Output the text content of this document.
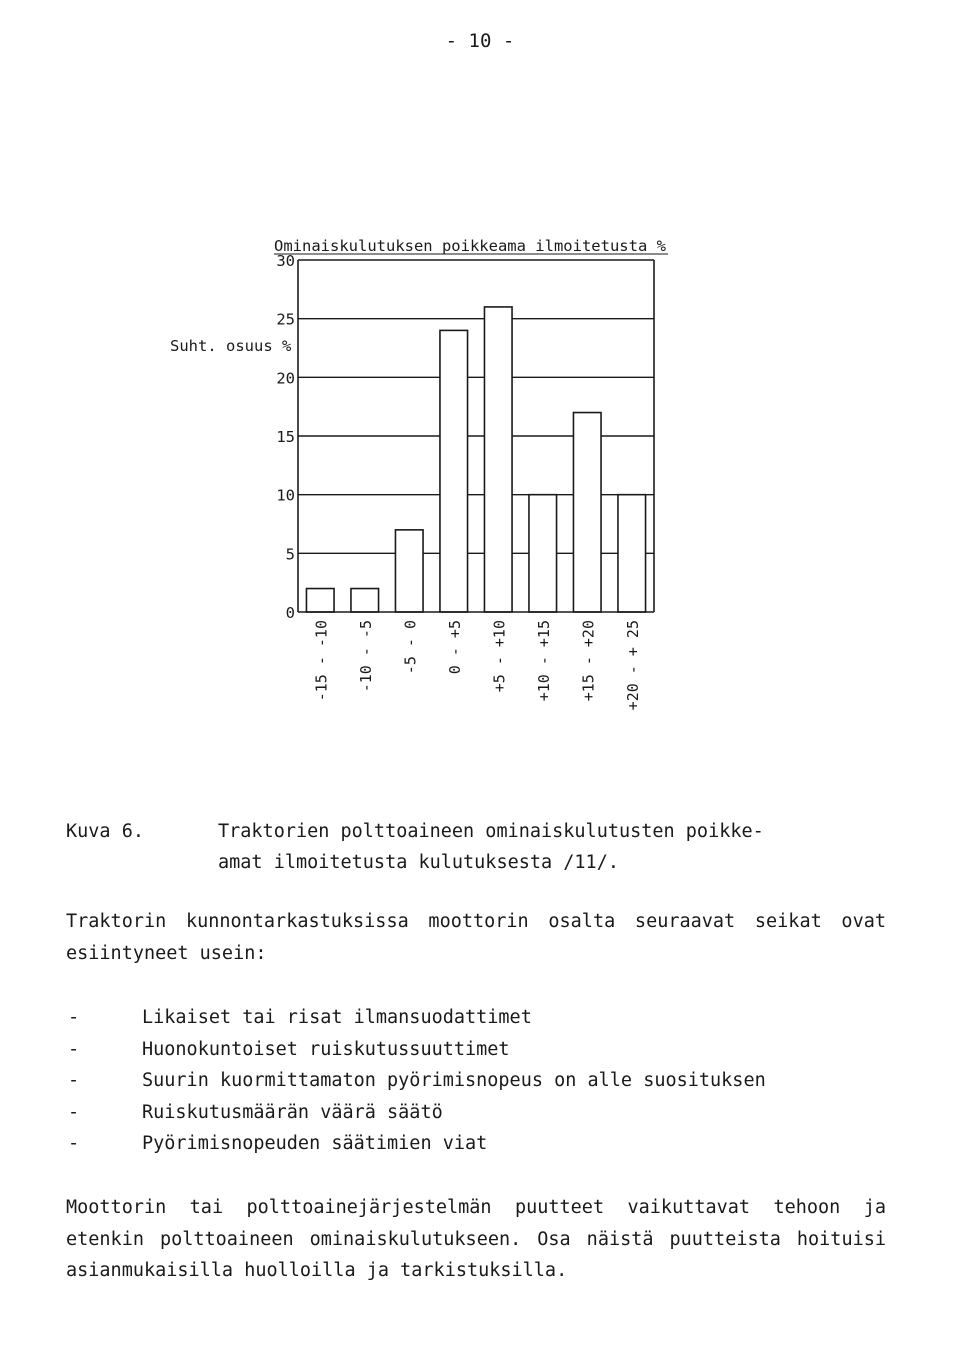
- 10 -
0
5
10
15
20
25
30
-15 - -10 -10 - -5 -5 - 0 0 - +5 +5 - +10 +10 - +15 +15 - +20 +20 - + 25
Ominaiskulutuksen poikkeama ilmoitetusta %
Suht. osuus %
Kuva 6.	Traktorien polttoaineen ominaiskulutusten poikke-
amat ilmoitetusta kulutuksesta /11/.
Traktorin kunnontarkastuksissa moottorin osalta seuraavat seikat ovat esiintyneet usein:
-	Likaiset tai risat ilmansuodattimet
-	Huonokuntoiset ruiskutussuuttimet
-	Suurin kuormittamaton pyörimisnopeus on alle suosituksen
-	Ruiskutusmäärän väärä säätö
-	Pyörimisnopeuden säätimien viat
Moottorin tai polttoainejärjestelmän puutteet vaikuttavat tehoon ja etenkin polttoaineen ominaiskulutukseen. Osa näistä puutteista hoituisi asianmukaisilla huolloilla ja tarkistuksilla.
